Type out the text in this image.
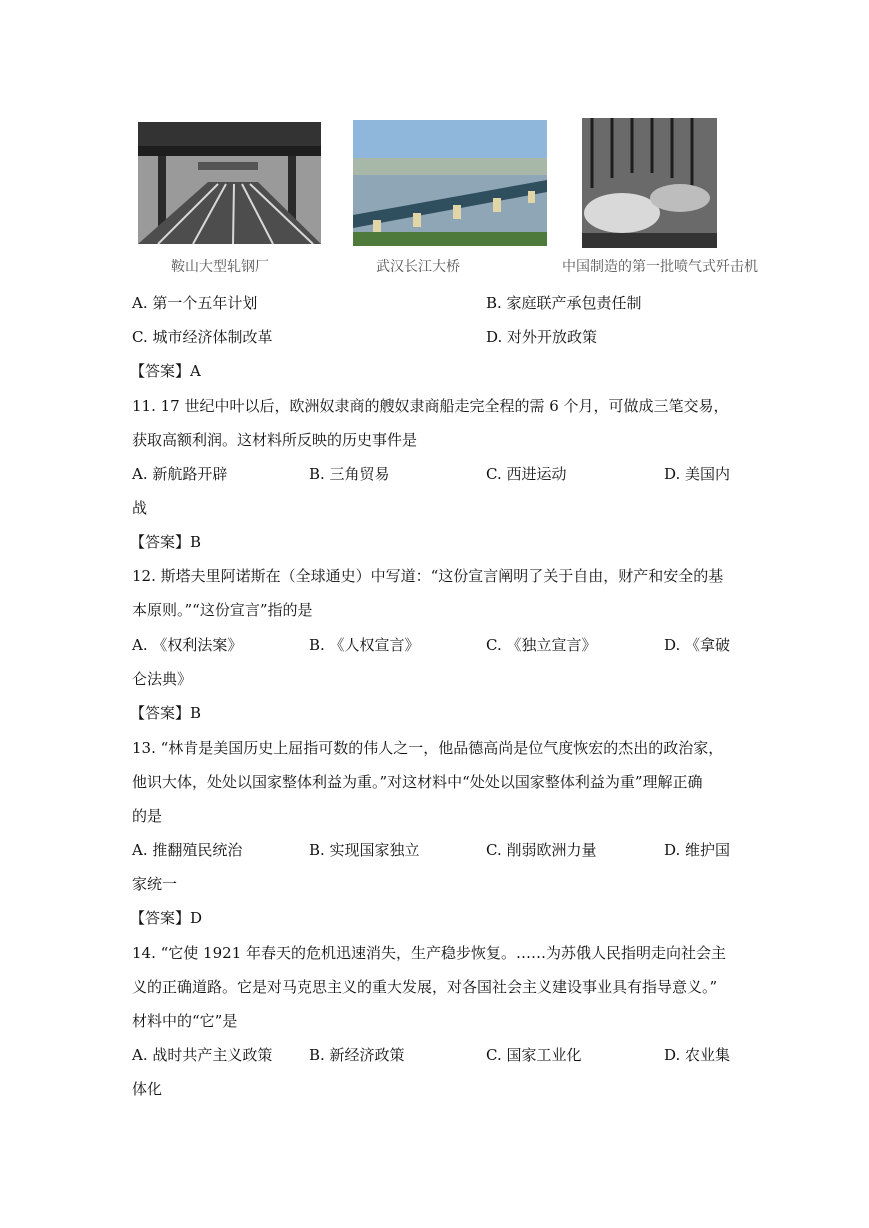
鞍山大型轧钢厂	武汉长江大桥	中国制造的第一批喷气式歼击机
A. 第一个五年计划	B. 家庭联产承包责任制
C. 城市经济体制改革	D. 对外开放政策
【答案】A
11. 17 世纪中叶以后，欧洲奴隶商的艘奴隶商船走完全程的需 6 个月，可做成三笔交易，
获取高额利润。这材料所反映的历史事件是
A. 新航路开辟	B. 三角贸易	C. 西进运动	D. 美国内
战
【答案】B
12. 斯塔夫里阿诺斯在（全球通史）中写道：“这份宣言阐明了关于自由，财产和安全的基
本原则。”“这份宣言”指的是
A. 《权利法案》	B. 《人权宣言》	C. 《独立宣言》	D. 《拿破
仑法典》
【答案】B
13. “林肯是美国历史上屈指可数的伟人之一，他品德高尚是位气度恢宏的杰出的政治家，
他识大体，处处以国家整体利益为重。”对这材料中“处处以国家整体利益为重”理解正确
的是
A. 推翻殖民统治	B. 实现国家独立	C. 削弱欧洲力量	D. 维护国
家统一
【答案】D
14. “它使 1921 年春天的危机迅速消失，生产稳步恢复。……为苏俄人民指明走向社会主
义的正确道路。它是对马克思主义的重大发展，对各国社会主义建设事业具有指导意义。”
材料中的“它”是
A. 战时共产主义政策 B. 新经济政策	C. 国家工业化	D. 农业集
体化
